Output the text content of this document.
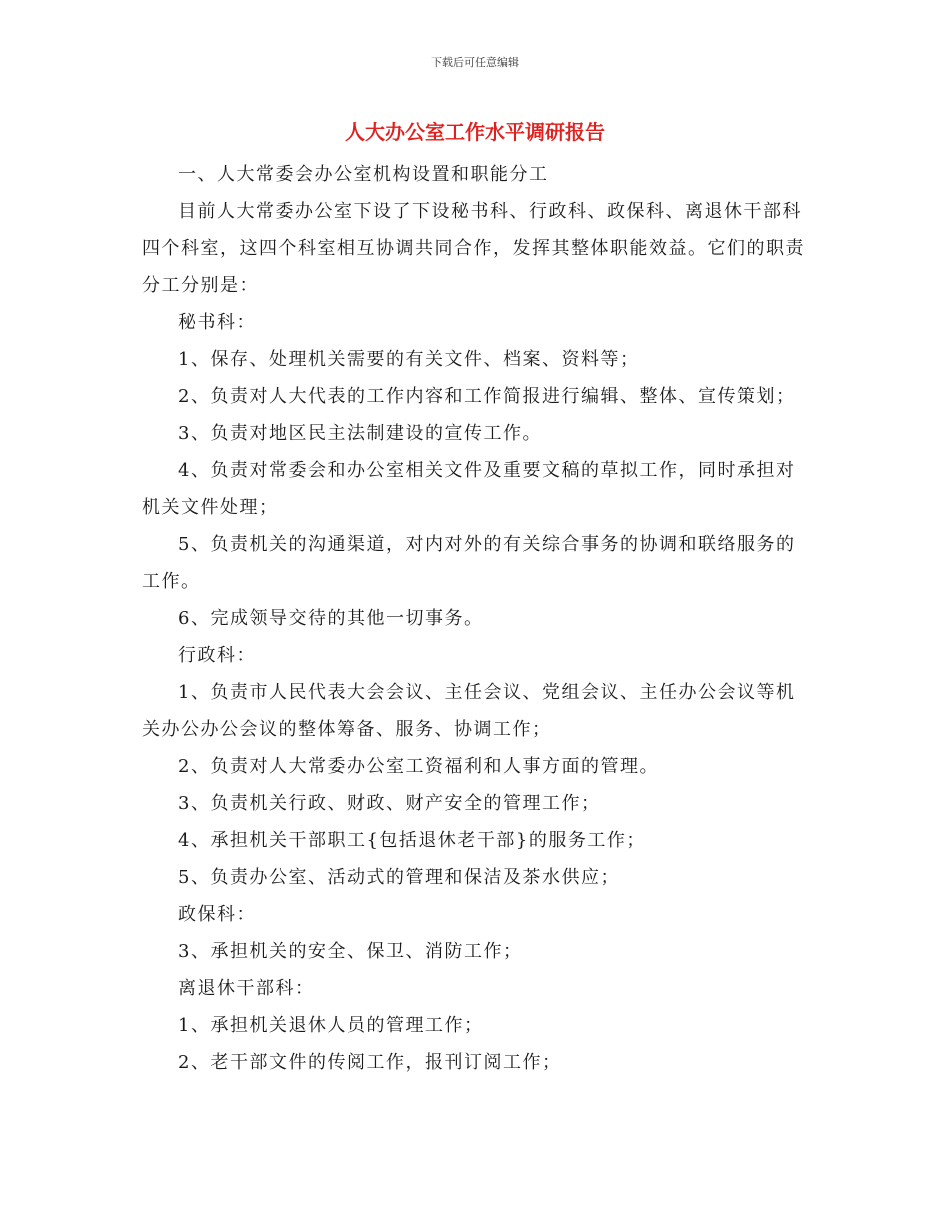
下载后可任意编辑
人大办公室工作水平调研报告

一、人大常委会办公室机构设置和职能分工

目前人大常委办公室下设了下设秘书科、行政科、政保科、离退休干部科四个科室，这四个科室相互协调共同合作，发挥其整体职能效益。它们的职责分工分别是：

秘书科：

1、保存、处理机关需要的有关文件、档案、资料等；

2、负责对人大代表的工作内容和工作简报进行编辑、整体、宣传策划；

3、负责对地区民主法制建设的宣传工作。

4、负责对常委会和办公室相关文件及重要文稿的草拟工作，同时承担对机关文件处理；

5、负责机关的沟通渠道，对内对外的有关综合事务的协调和联络服务的工作。

6、完成领导交待的其他一切事务。

行政科：

1、负责市人民代表大会会议、主任会议、党组会议、主任办公会议等机关办公办公会议的整体筹备、服务、协调工作；

2、负责对人大常委办公室工资福利和人事方面的管理。

3、负责机关行政、财政、财产安全的管理工作；

4、承担机关干部职工{包括退休老干部}的服务工作；

5、负责办公室、活动式的管理和保洁及茶水供应；

政保科：

3、承担机关的安全、保卫、消防工作；

离退休干部科：

1、承担机关退休人员的管理工作；

2、老干部文件的传阅工作，报刊订阅工作；
